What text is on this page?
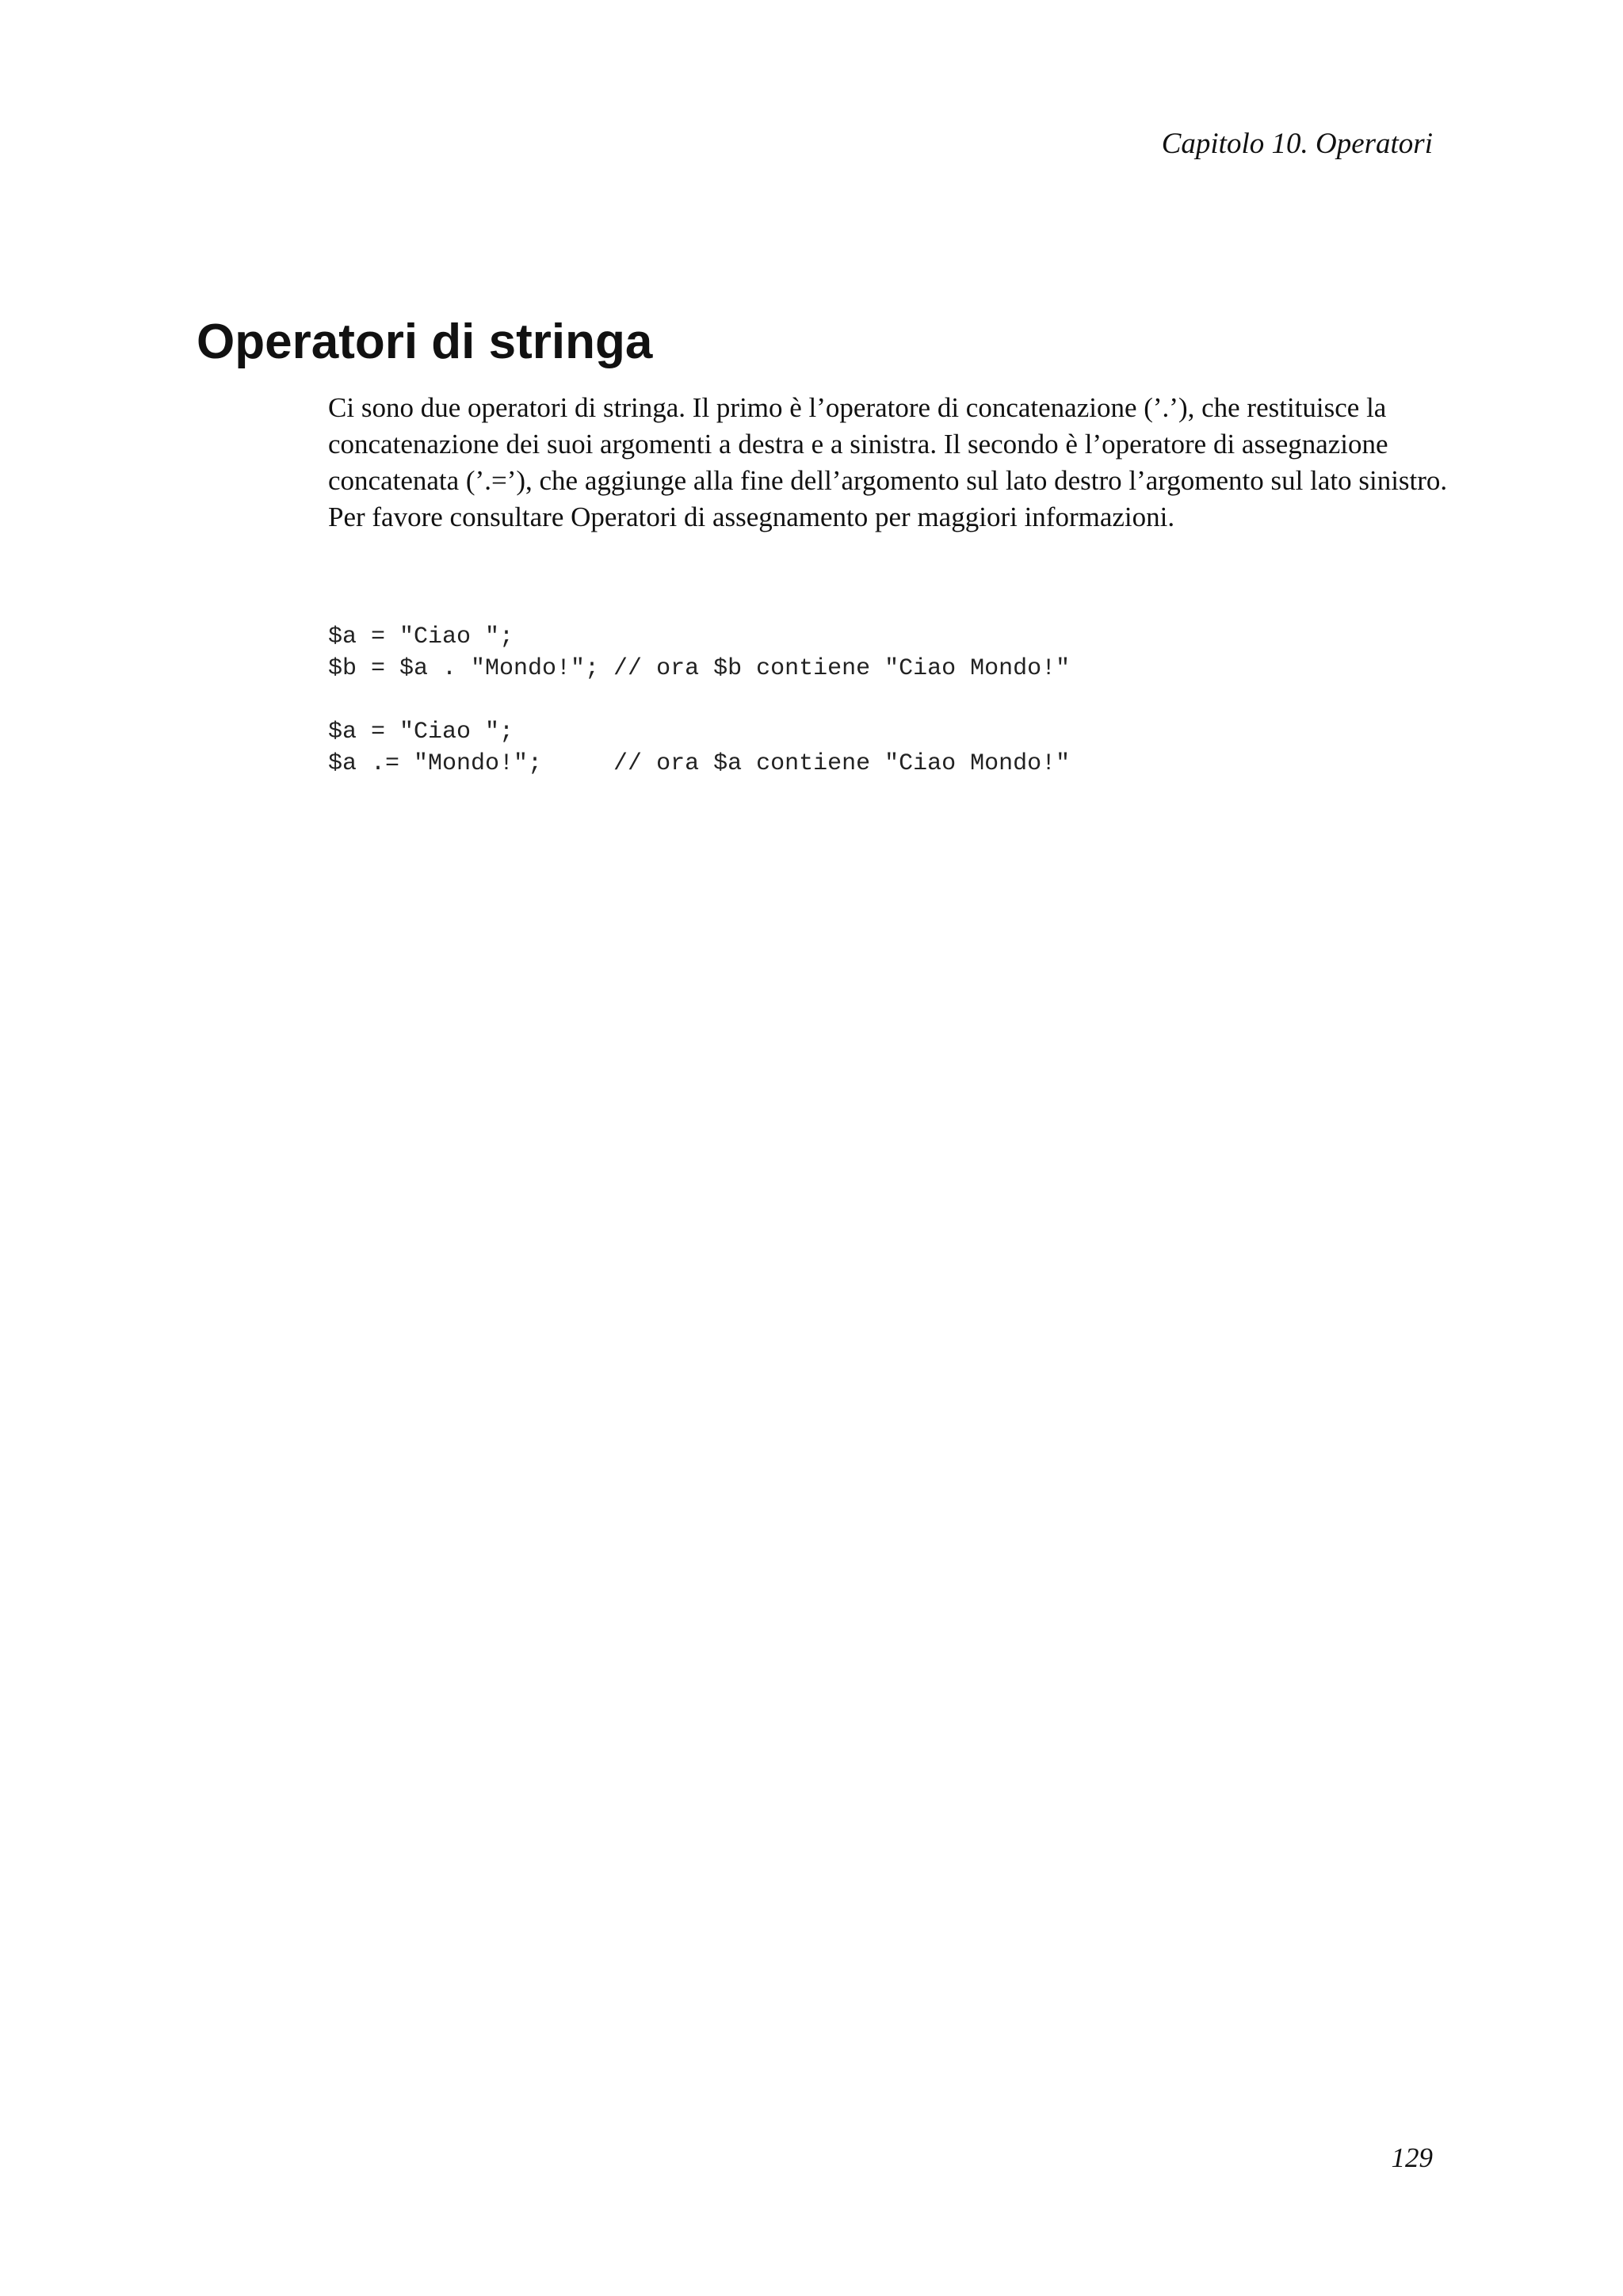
Capitolo 10. Operatori
Operatori di stringa

Ci sono due operatori di stringa. Il primo è l’operatore di concatenazione (’.’), che restituisce la
concatenazione dei suoi argomenti a destra e a sinistra. Il secondo è l’operatore di assegnazione
concatenata (’.=’), che aggiunge alla fine dell’argomento sul lato destro l’argomento sul lato sinistro.
Per favore consultare Operatori di assegnamento per maggiori informazioni.

$a = "Ciao ";
$b = $a . "Mondo!"; // ora $b contiene "Ciao Mondo!"
$a = "Ciao ";
$a .= "Mondo!";     // ora $a contiene "Ciao Mondo!"
129
